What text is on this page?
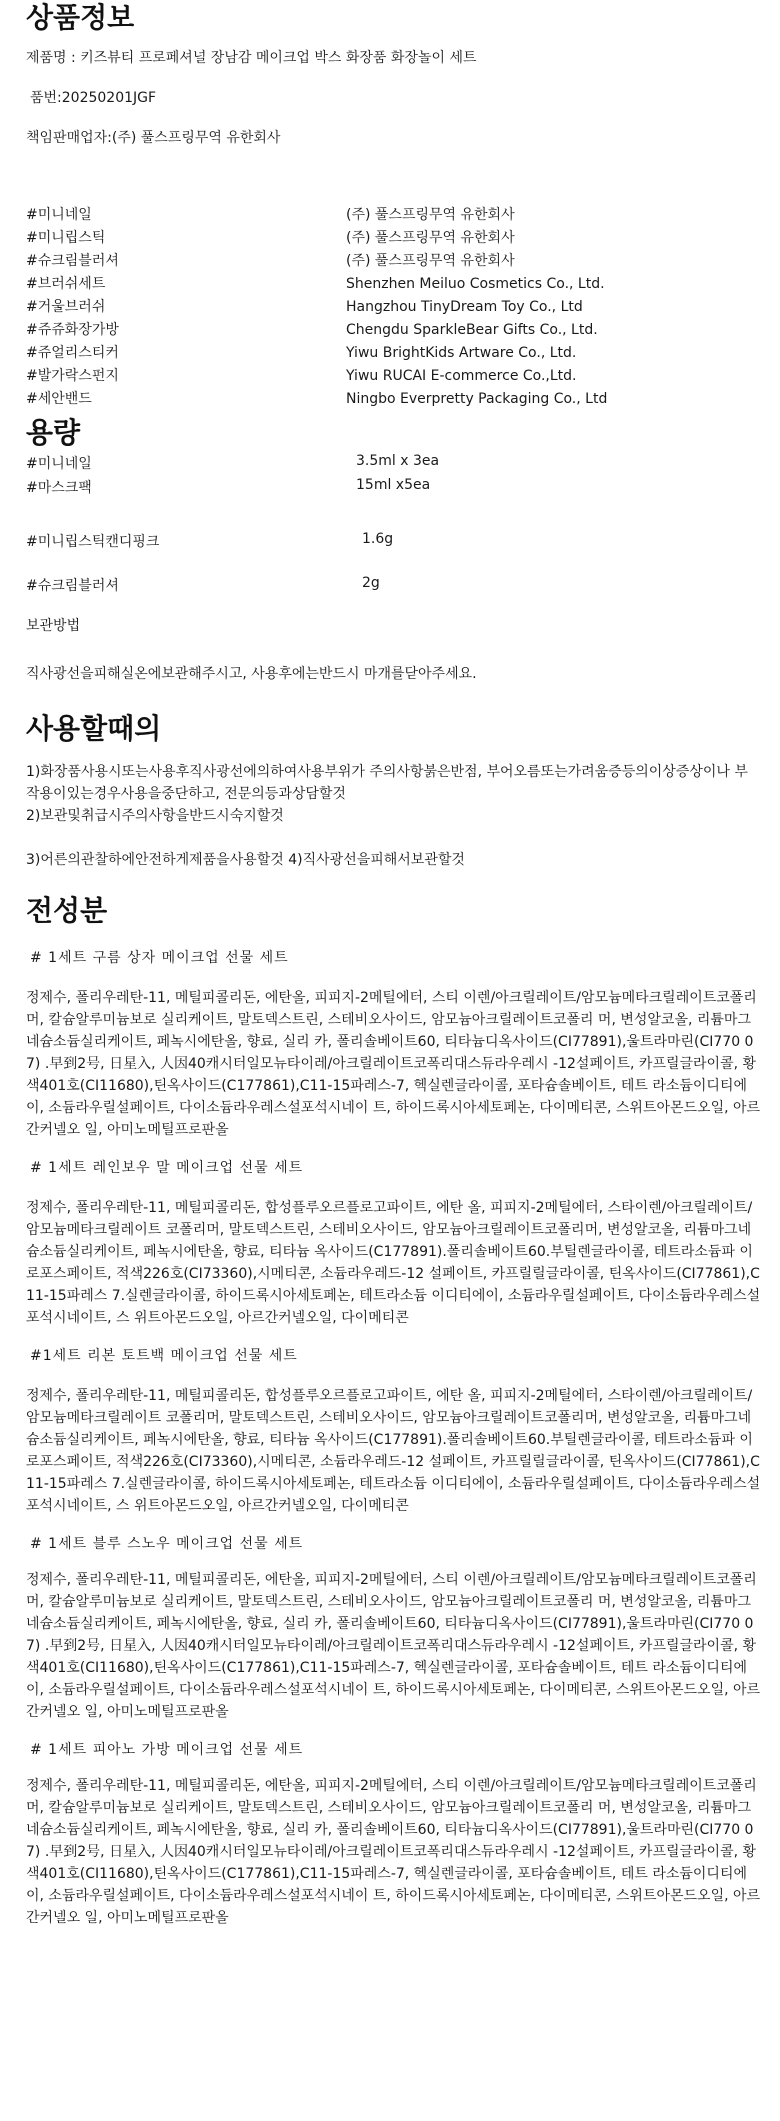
상품정보
제품명 : 키즈뷰티 프로페셔널 장남감 메이크업 박스 화장품 화장놀이 세트
품번:20250201JGF
책임판매업자:(주) 풀스프링무역 유한회사
#미니네일	(주) 풀스프링무역 유한회사
#미니립스틱	(주) 풀스프링무역 유한회사
#슈크림블러셔	(주) 풀스프링무역 유한회사
#브러쉬세트	Shenzhen Meiluo Cosmetics Co., Ltd.
#거울브러쉬	Hangzhou TinyDream Toy Co., Ltd
#쥬쥬화장가방	Chengdu SparkleBear Gifts Co., Ltd.
#쥬얼리스티커	Yiwu BrightKids Artware Co., Ltd.
#발가락스펀지	Yiwu RUCAI E-commerce Co.,Ltd.
#세안밴드	Ningbo Everpretty Packaging Co., Ltd
용량
#미니네일	3.5ml x 3ea
#마스크팩	15ml x5ea
#미니립스틱캔디핑크	1.6g
#슈크림블러셔	2g
보관방법
직사광선을피해실온에보관해주시고, 사용후에는반드시 마개를닫아주세요.
사용할때의
1)화장품사용시또는사용후직사광선에의하여사용부위가 주의사항붉은반점, 부어오름또는가려움증등의이상증상이나 부작용이있는경우사용을중단하고, 전문의등과상담할것
2)보관및취급시주의사항을반드시숙지할것
3)어른의관찰하에안전하게제품을사용할것 4)직사광선을피해서보관할것
전성분
# 1세트 구름 상자 메이크업 선물 세트
정제수, 폴리우레탄-11, 메틸피콜리돈, 에탄올, 피피지-2메틸에터, 스티 이렌/아크릴레이트/암모늄메타크릴레이트코폴리머, 칼슘알루미늄보로 실리케이트, 말토덱스트린, 스테비오사이드, 암모늄아크릴레이트코폴리 머, 변성알코올, 리튬마그네슘소듐실리케이트, 페녹시에탄올, 향료, 실리 카, 폴리솔베이트60, 티타늄디옥사이드(CI77891),울트라마린(CI770 07) .早到2号, 日星入, 人因40캐시터일모뉴타이레/아크릴레이트코폭리대스듀라우레시 -12설페이트, 카프릴글라이콜, 황색401호(CI11680),틴옥사이드(C177861),C11-15파레스-7, 헥실렌글라이콜, 포타슘솔베이트, 테트 라소듐이디티에이, 소듐라우릴설페이트, 다이소듐라우레스설포석시네이 트, 하이드록시아세토페논, 다이메티콘, 스위트아몬드오일, 아르간커넬오 일, 아미노메틸프로판올
# 1세트 레인보우 말 메이크업 선물 세트
정제수, 폴리우레탄-11, 메틸피콜리돈, 합성플루오르플로고파이트, 에탄 올, 피피지-2메틸에터, 스타이렌/아크릴레이트/암모늄메타크릴레이트 코폴리머, 말토덱스트린, 스테비오사이드, 암모늄아크릴레이트코폴리머, 변성알코올, 리튬마그네슘소듐실리케이트, 페녹시에탄올, 향료, 티타늄 옥사이드(C177891).폴리솔베이트60.부틸렌글라이콜, 테트라소듐파 이로포스페이트, 적색226호(CI73360),시메티콘, 소듐라우레드-12 설페이트, 카프릴릴글라이콜, 틴옥사이드(CI77861),C11-15파레스 7.실렌글라이콜, 하이드록시아세토페논, 테트라소듐 이디티에이, 소듐라우릴설페이트, 다이소듐라우레스설포석시네이트, 스 위트아몬드오일, 아르간커넬오일, 다이메티콘
#1세트 리본 토트백 메이크업 선물 세트
정제수, 폴리우레탄-11, 메틸피콜리돈, 합성플루오르플로고파이트, 에탄 올, 피피지-2메틸에터, 스타이렌/아크릴레이트/암모늄메타크릴레이트 코폴리머, 말토덱스트린, 스테비오사이드, 암모늄아크릴레이트코폴리머, 변성알코올, 리튬마그네슘소듐실리케이트, 페녹시에탄올, 향료, 티타늄 옥사이드(C177891).폴리솔베이트60.부틸렌글라이콜, 테트라소듐파 이로포스페이트, 적색226호(CI73360),시메티콘, 소듐라우레드-12 설페이트, 카프릴릴글라이콜, 틴옥사이드(CI77861),C11-15파레스 7.실렌글라이콜, 하이드록시아세토페논, 테트라소듐 이디티에이, 소듐라우릴설페이트, 다이소듐라우레스설포석시네이트, 스 위트아몬드오일, 아르간커넬오일, 다이메티콘
# 1세트 블루 스노우 메이크업 선물 세트
정제수, 폴리우레탄-11, 메틸피콜리돈, 에탄올, 피피지-2메틸에터, 스티 이렌/아크릴레이트/암모늄메타크릴레이트코폴리머, 칼슘알루미늄보로 실리케이트, 말토덱스트린, 스테비오사이드, 암모늄아크릴레이트코폴리 머, 변성알코올, 리튬마그네슘소듐실리케이트, 페녹시에탄올, 향료, 실리 카, 폴리솔베이트60, 티타늄디옥사이드(CI77891),울트라마린(CI770 07) .早到2号, 日星入, 人因40캐시터일모뉴타이레/아크릴레이트코폭리대스듀라우레시 -12설페이트, 카프릴글라이콜, 황색401호(CI11680),틴옥사이드(C177861),C11-15파레스-7, 헥실렌글라이콜, 포타슘솔베이트, 테트 라소듐이디티에이, 소듐라우릴설페이트, 다이소듐라우레스설포석시네이 트, 하이드록시아세토페논, 다이메티콘, 스위트아몬드오일, 아르간커넬오 일, 아미노메틸프로판올
# 1세트 피아노 가방 메이크업 선물 세트
정제수, 폴리우레탄-11, 메틸피콜리돈, 에탄올, 피피지-2메틸에터, 스티 이렌/아크릴레이트/암모늄메타크릴레이트코폴리머, 칼슘알루미늄보로 실리케이트, 말토덱스트린, 스테비오사이드, 암모늄아크릴레이트코폴리 머, 변성알코올, 리튬마그네슘소듐실리케이트, 페녹시에탄올, 향료, 실리 카, 폴리솔베이트60, 티타늄디옥사이드(CI77891),울트라마린(CI770 07) .早到2号, 日星入, 人因40캐시터일모뉴타이레/아크릴레이트코폭리대스듀라우레시 -12설페이트, 카프릴글라이콜, 황색401호(CI11680),틴옥사이드(C177861),C11-15파레스-7, 헥실렌글라이콜, 포타슘솔베이트, 테트 라소듐이디티에이, 소듐라우릴설페이트, 다이소듐라우레스설포석시네이 트, 하이드록시아세토페논, 다이메티콘, 스위트아몬드오일, 아르간커넬오 일, 아미노메틸프로판올
